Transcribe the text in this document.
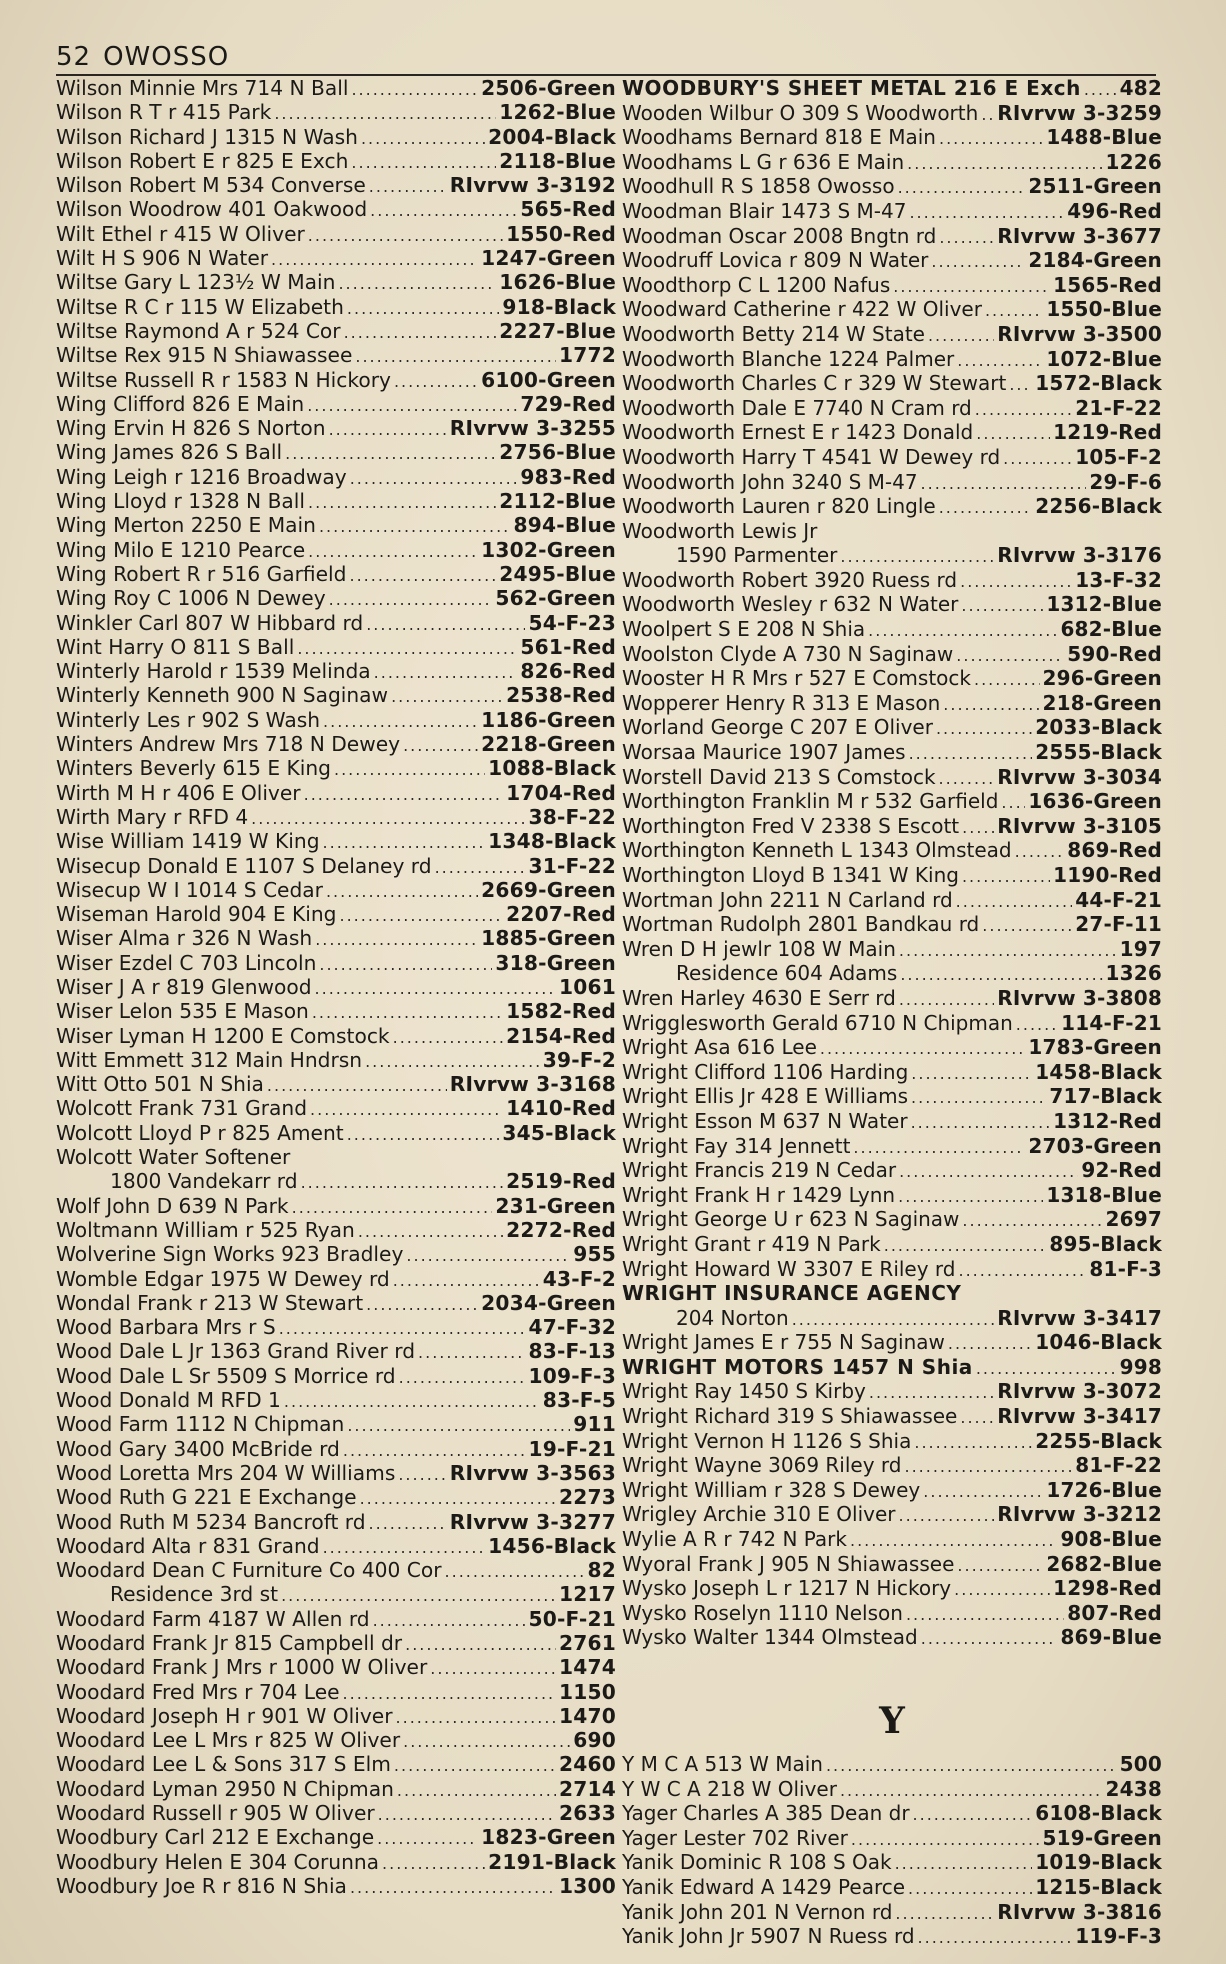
52 OWOSSO
Wilson Minnie Mrs 714 N Ball .....	2506-Green
Wilson R T r 415 Park .....	1262-Blue
Wilson Richard J 1315 N Wash .....	2004-Black
Wilson Robert E r 825 E Exch .....	2118-Blue
Wilson Robert M 534 Converse .....	RIvrvw 3-3192
Wilson Woodrow 401 Oakwood .....	565-Red
Wilt Ethel r 415 W Oliver .....	1550-Red
Wilt H S 906 N Water .....	1247-Green
Wiltse Gary L 123½ W Main .....	1626-Blue
Wiltse R C r 115 W Elizabeth .....	918-Black
Wiltse Raymond A r 524 Cor .....	2227-Blue
Wiltse Rex 915 N Shiawassee .....	1772
Wiltse Russell R r 1583 N Hickory .....	6100-Green
Wing Clifford 826 E Main .....	729-Red
Wing Ervin H 826 S Norton .....	RIvrvw 3-3255
Wing James 826 S Ball .....	2756-Blue
Wing Leigh r 1216 Broadway .....	983-Red
Wing Lloyd r 1328 N Ball .....	2112-Blue
Wing Merton 2250 E Main .....	894-Blue
Wing Milo E 1210 Pearce .....	1302-Green
Wing Robert R r 516 Garfield .....	2495-Blue
Wing Roy C 1006 N Dewey .....	562-Green
Winkler Carl 807 W Hibbard rd .....	54-F-23
Wint Harry O 811 S Ball .....	561-Red
Winterly Harold r 1539 Melinda .....	826-Red
Winterly Kenneth 900 N Saginaw .....	2538-Red
Winterly Les r 902 S Wash .....	1186-Green
Winters Andrew Mrs 718 N Dewey .....	2218-Green
Winters Beverly 615 E King .....	1088-Black
Wirth M H r 406 E Oliver .....	1704-Red
Wirth Mary r RFD 4 .....	38-F-22
Wise William 1419 W King .....	1348-Black
Wisecup Donald E 1107 S Delaney rd .....	31-F-22
Wisecup W I 1014 S Cedar .....	2669-Green
Wiseman Harold 904 E King .....	2207-Red
Wiser Alma r 326 N Wash .....	1885-Green
Wiser Ezdel C 703 Lincoln .....	318-Green
Wiser J A r 819 Glenwood .....	1061
Wiser Lelon 535 E Mason .....	1582-Red
Wiser Lyman H 1200 E Comstock .....	2154-Red
Witt Emmett 312 Main Hndrsn .....	39-F-2
Witt Otto 501 N Shia .....	RIvrvw 3-3168
Wolcott Frank 731 Grand .....	1410-Red
Wolcott Lloyd P r 825 Ament .....	345-Black
Wolcott Water Softener
1800 Vandekarr rd .....	2519-Red
Wolf John D 639 N Park .....	231-Green
Woltmann William r 525 Ryan .....	2272-Red
Wolverine Sign Works 923 Bradley .....	955
Womble Edgar 1975 W Dewey rd .....	43-F-2
Wondal Frank r 213 W Stewart .....	2034-Green
Wood Barbara Mrs r S .....	47-F-32
Wood Dale L Jr 1363 Grand River rd .....	83-F-13
Wood Dale L Sr 5509 S Morrice rd .....	109-F-3
Wood Donald M RFD 1 .....	83-F-5
Wood Farm 1112 N Chipman .....	911
Wood Gary 3400 McBride rd .....	19-F-21
Wood Loretta Mrs 204 W Williams .....	RIvrvw 3-3563
Wood Ruth G 221 E Exchange .....	2273
Wood Ruth M 5234 Bancroft rd .....	RIvrvw 3-3277
Woodard Alta r 831 Grand .....	1456-Black
Woodard Dean C Furniture Co 400 Cor .....	82
Residence 3rd st .....	1217
Woodard Farm 4187 W Allen rd .....	50-F-21
Woodard Frank Jr 815 Campbell dr .....	2761
Woodard Frank J Mrs r 1000 W Oliver .....	1474
Woodard Fred Mrs r 704 Lee .....	1150
Woodard Joseph H r 901 W Oliver .....	1470
Woodard Lee L Mrs r 825 W Oliver .....	690
Woodard Lee L & Sons 317 S Elm .....	2460
Woodard Lyman 2950 N Chipman .....	2714
Woodard Russell r 905 W Oliver .....	2633
Woodbury Carl 212 E Exchange .....	1823-Green
Woodbury Helen E 304 Corunna .....	2191-Black
Woodbury Joe R r 816 N Shia .....	1300
WOODBURY'S SHEET METAL 216 E Exch ..... 482
Wooden Wilbur O 309 S Woodworth ..... RIvrvw 3-3259
Woodhams Bernard 818 E Main .....	1488-Blue
Woodhams L G r 636 E Main .....	1226
Woodhull R S 1858 Owosso .....	2511-Green
Woodman Blair 1473 S M-47 .....	496-Red
Woodman Oscar 2008 Bngtn rd .....	RIvrvw 3-3677
Woodruff Lovica r 809 N Water .....	2184-Green
Woodthorp C L 1200 Nafus .....	1565-Red
Woodward Catherine r 422 W Oliver .....	1550-Blue
Woodworth Betty 214 W State .....	RIvrvw 3-3500
Woodworth Blanche 1224 Palmer .....	1072-Blue
Woodworth Charles C r 329 W Stewart ..... 1572-Black
Woodworth Dale E 7740 N Cram rd .....	21-F-22
Woodworth Ernest E r 1423 Donald .....	1219-Red
Woodworth Harry T 4541 W Dewey rd .....	105-F-2
Woodworth John 3240 S M-47 .....	29-F-6
Woodworth Lauren r 820 Lingle .....	2256-Black
Woodworth Lewis Jr
1590 Parmenter .....	RIvrvw 3-3176
Woodworth Robert 3920 Ruess rd .....	13-F-32
Woodworth Wesley r 632 N Water .....	1312-Blue
Woolpert S E 208 N Shia .....	682-Blue
Woolston Clyde A 730 N Saginaw .....	590-Red
Wooster H R Mrs r 527 E Comstock .....	296-Green
Wopperer Henry R 313 E Mason .....	218-Green
Worland George C 207 E Oliver .....	2033-Black
Worsaa Maurice 1907 James .....	2555-Black
Worstell David 213 S Comstock .....	RIvrvw 3-3034
Worthington Franklin M r 532 Garfield ..... 1636-Green
Worthington Fred V 2338 S Escott ..... RIvrvw 3-3105
Worthington Kenneth L 1343 Olmstead .....	869-Red
Worthington Lloyd B 1341 W King .....	1190-Red
Wortman John 2211 N Carland rd .....	44-F-21
Wortman Rudolph 2801 Bandkau rd .....	27-F-11
Wren D H jewlr 108 W Main .....	197
Residence 604 Adams .....	1326
Wren Harley 4630 E Serr rd .....	RIvrvw 3-3808
Wrigglesworth Gerald 6710 N Chipman ..... 114-F-21
Wright Asa 616 Lee .....	1783-Green
Wright Clifford 1106 Harding .....	1458-Black
Wright Ellis Jr 428 E Williams .....	717-Black
Wright Esson M 637 N Water .....	1312-Red
Wright Fay 314 Jennett .....	2703-Green
Wright Francis 219 N Cedar .....	92-Red
Wright Frank H r 1429 Lynn .....	1318-Blue
Wright George U r 623 N Saginaw .....	2697
Wright Grant r 419 N Park .....	895-Black
Wright Howard W 3307 E Riley rd .....	81-F-3
WRIGHT INSURANCE AGENCY
204 Norton .....	RIvrvw 3-3417
Wright James E r 755 N Saginaw .....	1046-Black
WRIGHT MOTORS 1457 N Shia .....	998
Wright Ray 1450 S Kirby .....	RIvrvw 3-3072
Wright Richard 319 S Shiawassee ..... RIvrvw 3-3417
Wright Vernon H 1126 S Shia .....	2255-Black
Wright Wayne 3069 Riley rd .....	81-F-22
Wright William r 328 S Dewey .....	1726-Blue
Wrigley Archie 310 E Oliver .....	RIvrvw 3-3212
Wylie A R r 742 N Park .....	908-Blue
Wyoral Frank J 905 N Shiawassee .....	2682-Blue
Wysko Joseph L r 1217 N Hickory .....	1298-Red
Wysko Roselyn 1110 Nelson .....	807-Red
Wysko Walter 1344 Olmstead .....	869-Blue
Y
Y M C A 513 W Main .....	500
Y W C A 218 W Oliver .....	2438
Yager Charles A 385 Dean dr .....	6108-Black
Yager Lester 702 River .....	519-Green
Yanik Dominic R 108 S Oak .....	1019-Black
Yanik Edward A 1429 Pearce .....	1215-Black
Yanik John 201 N Vernon rd .....	RIvrvw 3-3816
Yanik John Jr 5907 N Ruess rd .....	119-F-3
